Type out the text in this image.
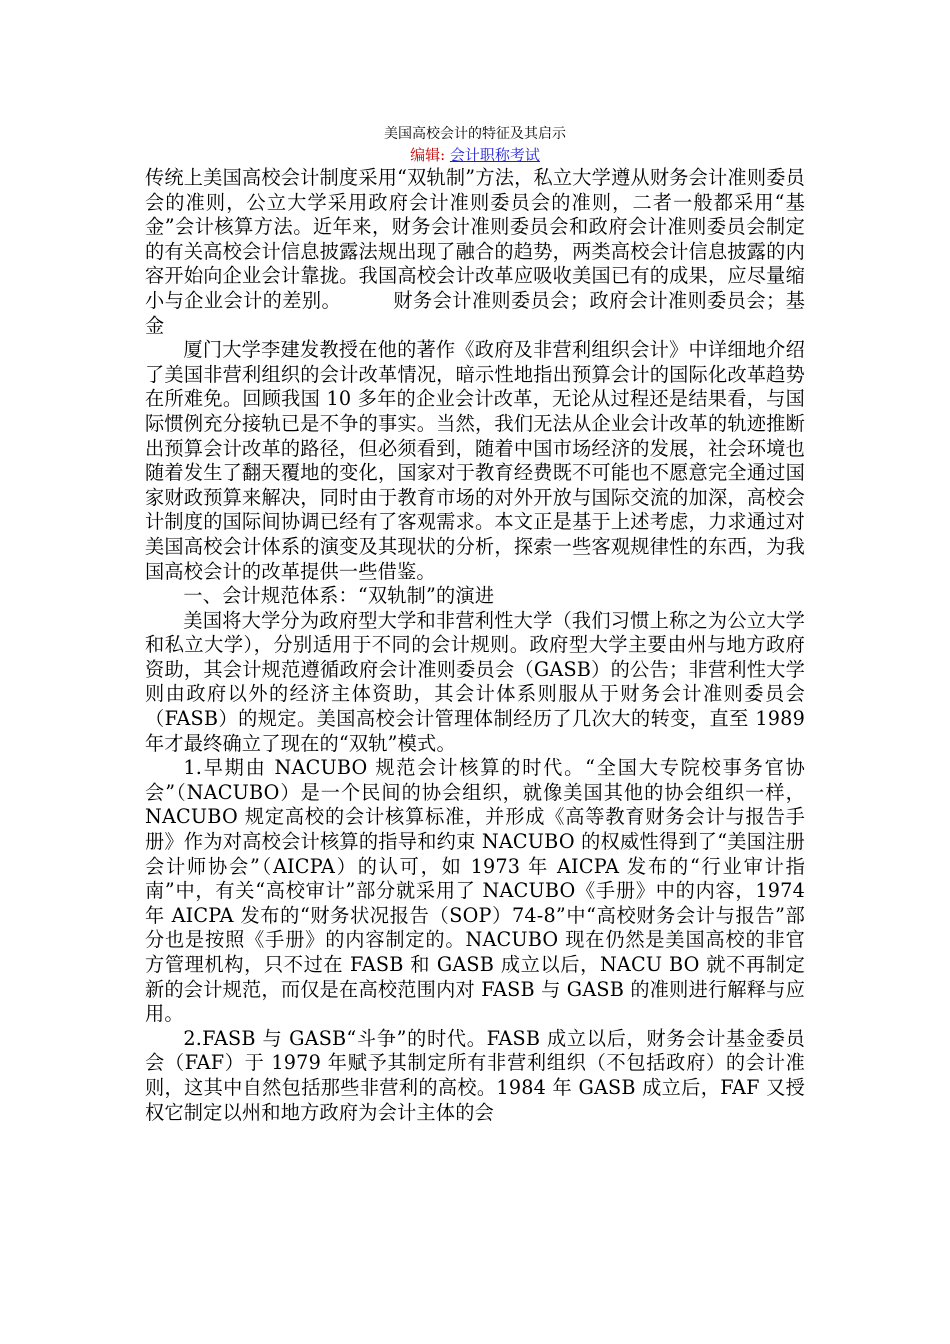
美国高校会计的特征及其启示

编辑: 会计职称考试

传统上美国高校会计制度采用“双轨制”方法，私立大学遵从财务会计准则委员会的准则，公立大学采用政府会计准则委员会的准则，二者一般都采用“基金”会计核算方法。近年来，财务会计准则委员会和政府会计准则委员会制定的有关高校会计信息披露法规出现了融合的趋势，两类高校会计信息披露的内容开始向企业会计靠拢。我国高校会计改革应吸收美国已有的成果，应尽量缩小与企业会计的差别。	财务会计准则委员会；政府会计准则委员会；基金

厦门大学李建发教授在他的著作《政府及非营利组织会计》中详细地介绍了美国非营利组织的会计改革情况，暗示性地指出预算会计的国际化改革趋势在所难免。回顾我国 10 多年的企业会计改革，无论从过程还是结果看，与国际惯例充分接轨已是不争的事实。当然，我们无法从企业会计改革的轨迹推断出预算会计改革的路径，但必须看到，随着中国市场经济的发展，社会环境也随着发生了翻天覆地的变化，国家对于教育经费既不可能也不愿意完全通过国家财政预算来解决，同时由于教育市场的对外开放与国际交流的加深，高校会计制度的国际间协调已经有了客观需求。本文正是基于上述考虑，力求通过对美国高校会计体系的演变及其现状的分析，探索一些客观规律性的东西，为我国高校会计的改革提供一些借鉴。

一、会计规范体系：“双轨制”的演进

美国将大学分为政府型大学和非营利性大学（我们习惯上称之为公立大学和私立大学），分别适用于不同的会计规则。政府型大学主要由州与地方政府资助，其会计规范遵循政府会计准则委员会（GASB）的公告；非营利性大学则由政府以外的经济主体资助，其会计体系则服从于财务会计准则委员会（FASB）的规定。美国高校会计管理体制经历了几次大的转变，直至 1989 年才最终确立了现在的“双轨”模式。

1.早期由 NACUBO 规范会计核算的时代。“全国大专院校事务官协会”（NACUBO）是一个民间的协会组织，就像美国其他的协会组织一样，NACUBO 规定高校的会计核算标准，并形成《高等教育财务会计与报告手册》作为对高校会计核算的指导和约束 NACUBO 的权威性得到了“美国注册会计师协会”（AICPA）的认可，如 1973 年 AICPA 发布的“行业审计指南”中，有关“高校审计”部分就采用了 NACUBO《手册》中的内容，1974 年 AICPA 发布的“财务状况报告（SOP）74-8”中“高校财务会计与报告”部分也是按照《手册》的内容制定的。NACUBO 现在仍然是美国高校的非官方管理机构，只不过在 FASB 和 GASB 成立以后，NACU BO 就不再制定新的会计规范，而仅是在高校范围内对 FASB 与 GASB 的准则进行解释与应用。

2.FASB 与 GASB“斗争”的时代。FASB 成立以后，财务会计基金委员会（FAF）于 1979 年赋予其制定所有非营利组织（不包括政府）的会计准则，这其中自然包括那些非营利的高校。1984 年 GASB 成立后，FAF 又授权它制定以州和地方政府为会计主体的会
